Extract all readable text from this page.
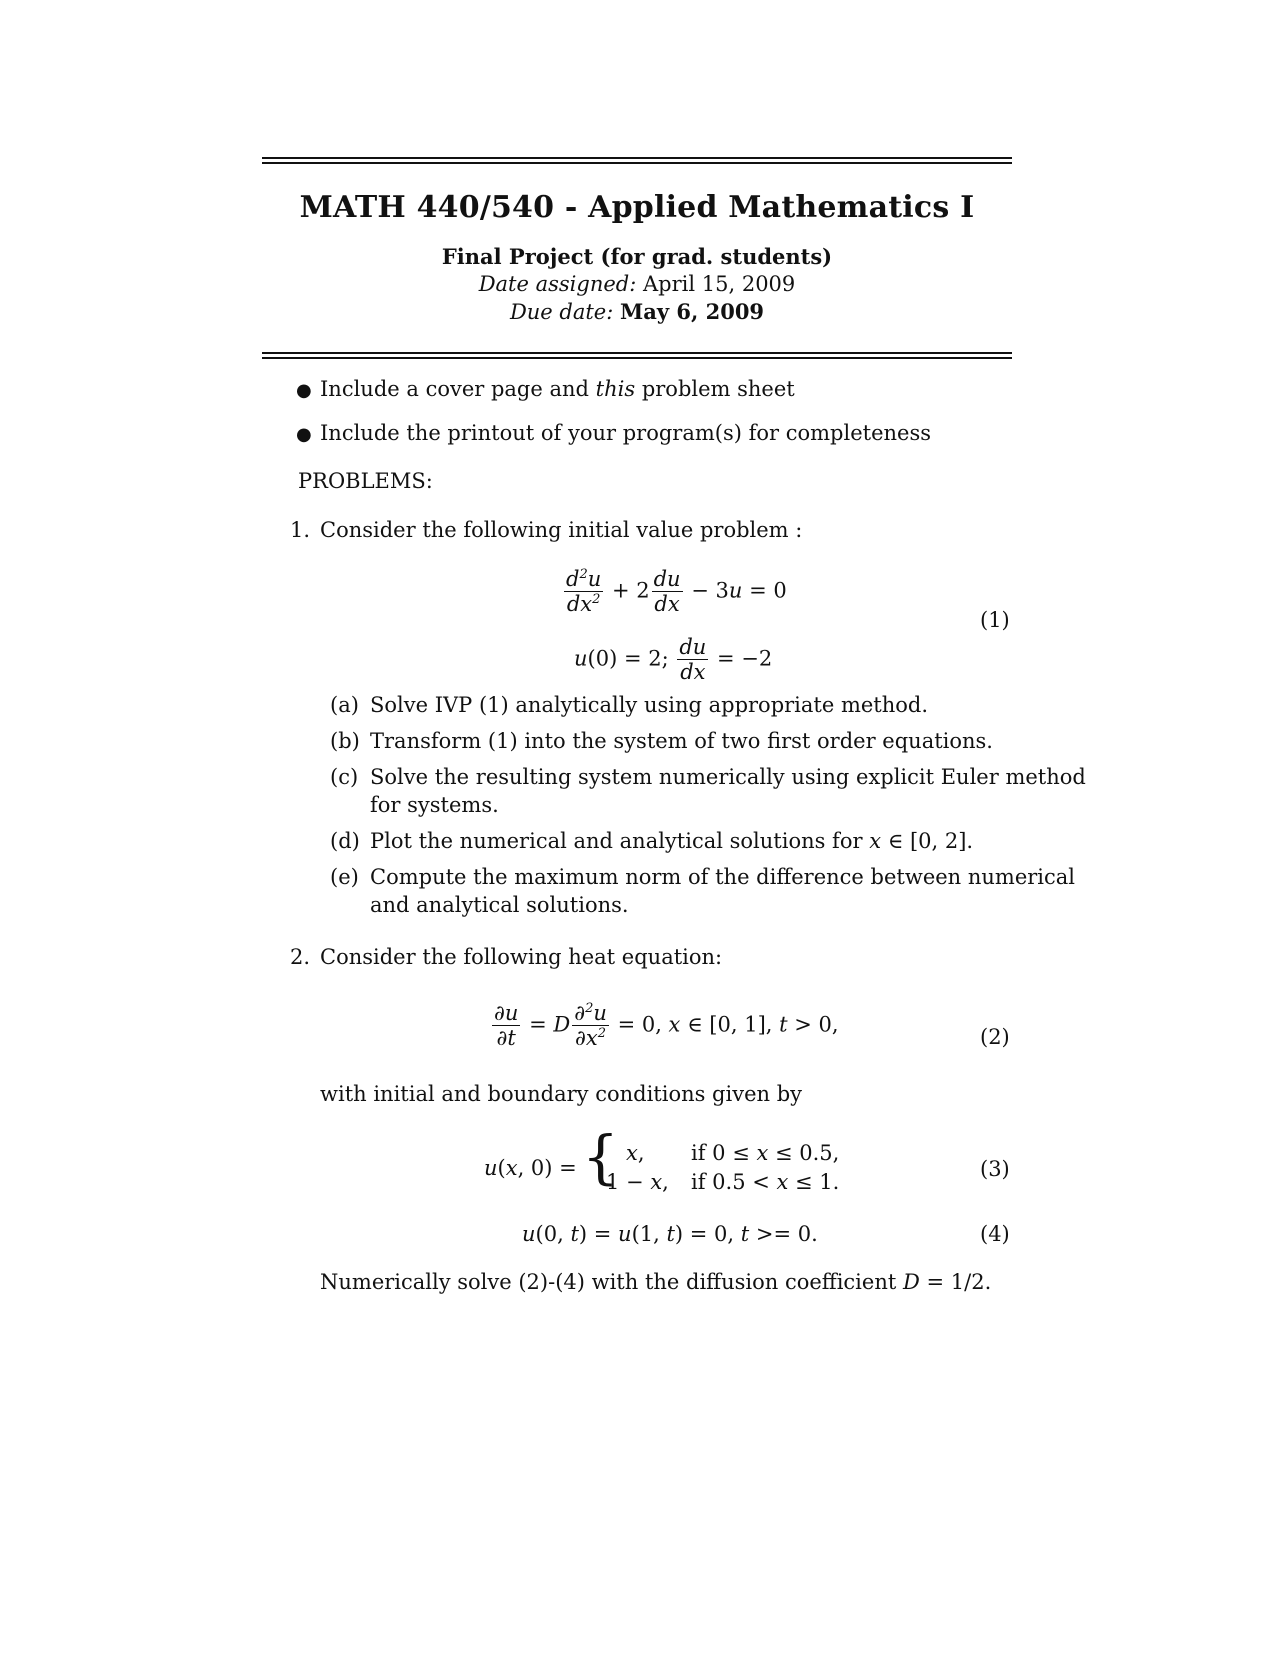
MATH 440/540 - Applied Mathematics I
Final Project (for grad. students)
Date assigned: April 15, 2009
Due date: May 6, 2009
● Include a cover page and this problem sheet
● Include the printout of your program(s) for completeness
PROBLEMS:
1. Consider the following initial value problem :
$\frac{d^2u}{dx^2} + 2 \frac{du}{dx} - 3u = 0$
(1)
u(0) = 2; $\frac{du}{dx} = -2$
(a) Solve IVP (1) analytically using appropriate method.
(b) Transform (1) into the system of two first order equations.
(c) Solve the resulting system numerically using explicit Euler method
for systems.
(d) Plot the numerical and analytical solutions for x ∈ [0, 2].
(e) Compute the maximum norm of the difference between numerical
and analytical solutions.
2. Consider the following heat equation:
$\frac{\partial u}{\partial t} = D \frac{\partial^2u}{\partial x^2} = 0$, x ∈ [0, 1], t > 0,
(2)
with initial and boundary conditions given by
u(x, 0) = { x, if 0 ≤ x ≤ 0.5,
1 − x, if 0.5 < x ≤ 1.
(3)
u(0, t) = u(1, t) = 0, t >= 0.	(4)
Numerically solve (2)-(4) with the diffusion coefficient D = 1/2.
